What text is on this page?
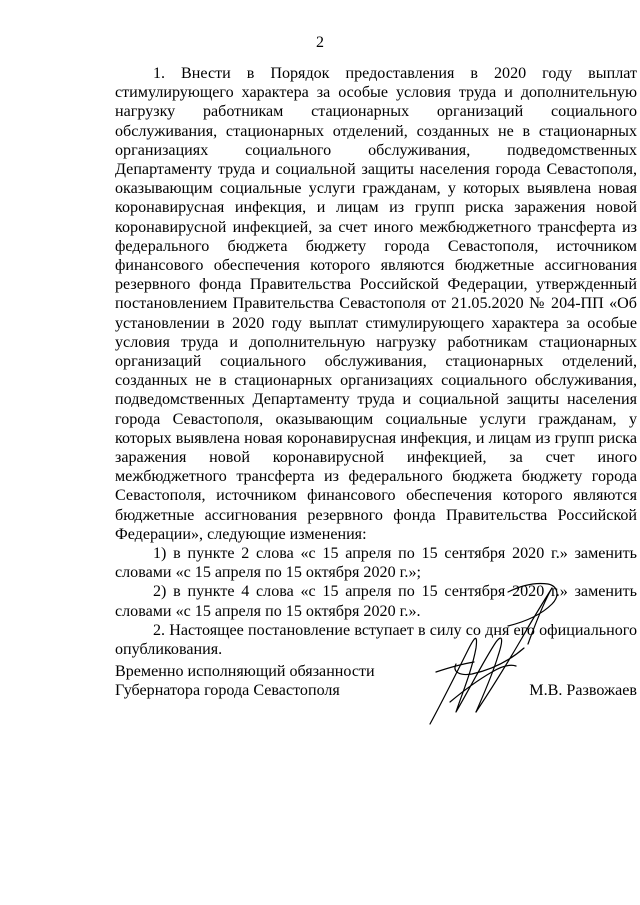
2

1. Внести в Порядок предоставления в 2020 году выплат стимулирующего характера за особые условия труда и дополнительную нагрузку работникам стационарных организаций социального обслуживания, стационарных отделений, созданных не в стационарных организациях социального обслуживания, подведомственных Департаменту труда и социальной защиты населения города Севастополя, оказывающим социальные услуги гражданам, у которых выявлена новая коронавирусная инфекция, и лицам из групп риска заражения новой коронавирусной инфекцией, за счет иного межбюджетного трансферта из федерального бюджета бюджету города Севастополя, источником финансового обеспечения которого являются бюджетные ассигнования резервного фонда Правительства Российской Федерации, утвержденный постановлением Правительства Севастополя от 21.05.2020 № 204-ПП «Об установлении в 2020 году выплат стимулирующего характера за особые условия труда и дополнительную нагрузку работникам стационарных организаций социального обслуживания, стационарных отделений, созданных не в стационарных организациях социального обслуживания, подведомственных Департаменту труда и социальной защиты населения города Севастополя, оказывающим социальные услуги гражданам, у которых выявлена новая коронавирусная инфекция, и лицам из групп риска заражения новой коронавирусной инфекцией, за счет иного межбюджетного трансферта из федерального бюджета бюджету города Севастополя, источником финансового обеспечения которого являются бюджетные ассигнования резервного фонда Правительства Российской Федерации», следующие изменения:

1) в пункте 2 слова «с 15 апреля по 15 сентября 2020 г.» заменить словами «с 15 апреля по 15 октября 2020 г.»;

2) в пункте 4 слова «с 15 апреля по 15 сентября 2020 г.» заменить словами «с 15 апреля по 15 октября 2020 г.».

2. Настоящее постановление вступает в силу со дня его официального опубликования.

Временно исполняющий обязанности
Губернатора города Севастополя	М.В. Развожаев
